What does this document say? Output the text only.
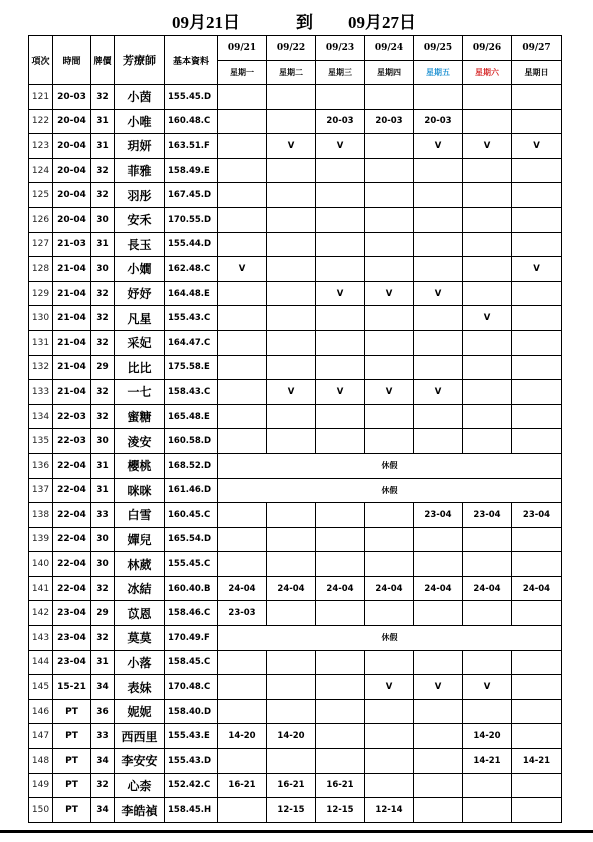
09月21日	到 09月27日
項次	時間	牌價	芳療師	基本資料	09/21	09/22	09/23	09/24	09/25	09/26	09/27
					星期一	星期二	星期三	星期四	星期五	星期六	星期日
121	20-03	32	小茵	155.45.D							
122	20-04	31	小唯	160.48.C			20-03	20-03	20-03		
123	20-04	31	玥妍	163.51.F		V	V		V	V	V
124	20-04	32	菲雅	158.49.E							
125	20-04	32	羽彤	167.45.D							
126	20-04	30	安禾	170.55.D							
127	21-03	31	長玉	155.44.D							
128	21-04	30	小嫺	162.48.C	V						V
129	21-04	32	妤妤	164.48.E			V	V	V		
130	21-04	32	凡星	155.43.C						V	
131	21-04	32	采妃	164.47.C							
132	21-04	29	比比	175.58.E							
133	21-04	32	一七	158.43.C		V	V	V	V		
134	22-03	32	蜜糖	165.48.E							
135	22-03	30	淩安	160.58.D							
136	22-04	31	櫻桃	168.52.D	休假						
137	22-04	31	咪咪	161.46.D	休假						
138	22-04	33	白雪	160.45.C					23-04	23-04	23-04
139	22-04	30	嬋兒	165.54.D							
140	22-04	30	林葳	155.45.C							
141	22-04	32	冰結	160.40.B	24-04	24-04	24-04	24-04	24-04	24-04	24-04
142	23-04	29	苡恩	158.46.C	23-03						
143	23-04	32	莫莫	170.49.F	休假						
144	23-04	31	小落	158.45.C							
145	15-21	34	表妹	170.48.C				V	V	V	
146	PT	36	妮妮	158.40.D							
147	PT	33	西西里	155.43.E	14-20	14-20				14-20	
148	PT	34	李安安	155.43.D						14-21	14-21
149	PT	32	心柰	152.42.C	16-21	16-21	16-21				
150	PT	34	李皓禎	158.45.H		12-15	12-15	12-14			
